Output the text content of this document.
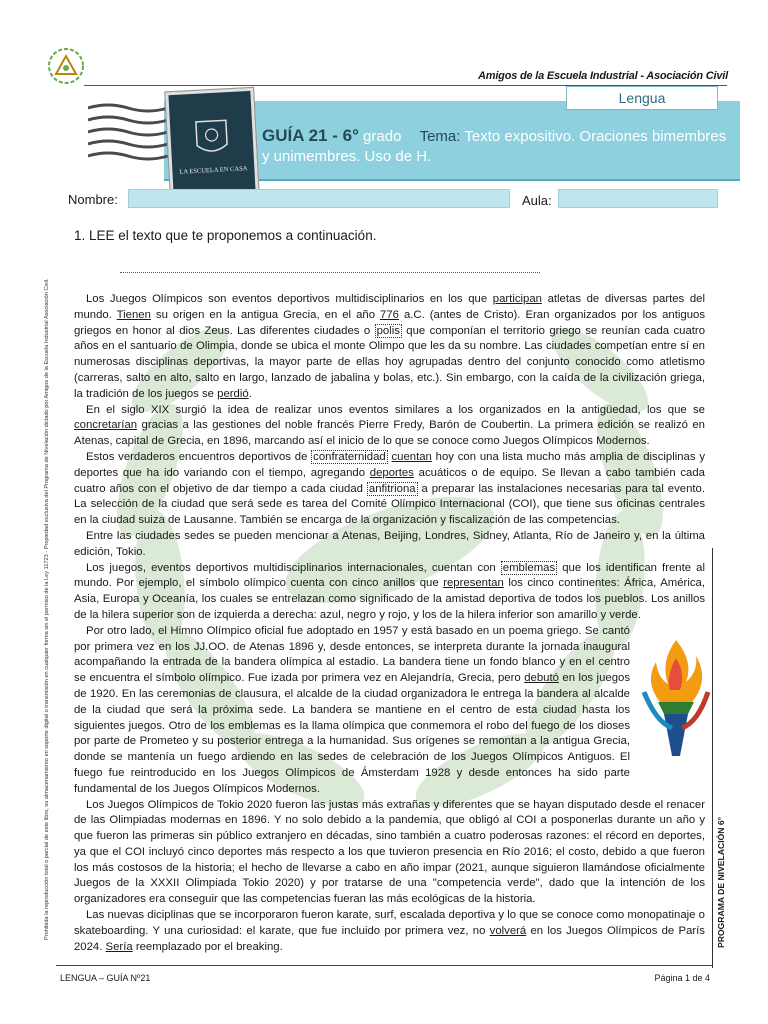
Amigos de la Escuela Industrial - Asociación Civil
Lengua
LA ESCUELA EN CASA
GUÍA 21 - 6° grado Tema: Texto expositivo. Oraciones bimembres y unimembres. Uso de H.
Prohibida la reproducción total o parcial de este libro, su almacenamiento en soporte digital o transmisión en cualquier forma sin el permiso de la Ley 11723 - Propiedad exclusiva del Programa de Nivelación dictado por Amigos de la Escuela Industrial Asociación Civil.
Nombre:	Aula:
1. LEE el texto que te proponemos a continuación.

Los Juegos Olímpicos son eventos deportivos multidisciplinarios en los que participan atletas de diversas partes del mundo. Tienen su origen en la antigua Grecia, en el año 776 a.C. (antes de Cristo). Eran organizados por los antiguos griegos en honor al dios Zeus. Las diferentes ciudades o polis que componían el territorio griego se reunían cada cuatro años en el santuario de Olimpia, donde se ubica el monte Olimpo que les da su nombre. Las ciudades competían entre sí en numerosas disciplinas deportivas, la mayor parte de ellas hoy agrupadas dentro del conjunto conocido como atletismo (carreras, salto en alto, salto en largo, lanzado de jabalina y bolas, etc.). Sin embargo, con la caída de la civilización griega, la tradición de los juegos se perdió.

En el siglo XIX surgió la idea de realizar unos eventos similares a los organizados en la antigüedad, los que se concretarían gracias a las gestiones del noble francés Pierre Fredy, Barón de Coubertin. La primera edición se realizó en Atenas, capital de Grecia, en 1896, marcando así el inicio de lo que se conoce como Juegos Olímpicos Modernos.

Estos verdaderos encuentros deportivos de confraternidad cuentan hoy con una lista mucho más amplia de disciplinas y deportes que ha ido variando con el tiempo, agregando deportes acuáticos o de equipo. Se llevan a cabo también cada cuatro años con el objetivo de dar tiempo a cada ciudad anfitriona a preparar las instalaciones necesarias para tal evento. La selección de la ciudad que será sede es tarea del Comité Olímpico Internacional (COI), que tiene sus oficinas centrales en la ciudad suiza de Lausanne. También se encarga de la organización y fiscalización de las competencias.

Entre las ciudades sedes se pueden mencionar a Atenas, Beijing, Londres, Sidney, Atlanta, Río de Janeiro y, en la última edición, Tokio.

Los juegos, eventos deportivos multidisciplinarios internacionales, cuentan con emblemas que los identifican frente al mundo. Por ejemplo, el símbolo olímpico cuenta con cinco anillos que representan los cinco continentes: África, América, Asia, Europa y Oceanía, los cuales se entrelazan como significado de la amistad deportiva de todos los pueblos. Los anillos de la hilera superior son de izquierda a derecha: azul, negro y rojo, y los de la hilera inferior son amarillo y verde.

Por otro lado, el Himno Olímpico oficial fue adoptado en 1957 y está basado en un poema griego. Se cantó por primera vez en los JJ.OO. de Atenas 1896 y, desde entonces, se interpreta durante la jornada inaugural acompañando la entrada de la bandera olímpica al estadio. La bandera tiene un fondo blanco y en el centro se encuentra el símbolo olímpico. Fue izada por primera vez en Alejandría, Grecia, pero debutó en los juegos de 1920. En las ceremonias de clausura, el alcalde de la ciudad organizadora le entrega la bandera al alcalde de la ciudad que será la próxima sede. La bandera se mantiene en el centro de esta ciudad hasta los siguientes juegos. Otro de los emblemas es la llama olímpica que conmemora el robo del fuego de los dioses por parte de Prometeo y su posterior entrega a la humanidad. Sus orígenes se remontan a la antigua Grecia, donde se mantenía un fuego ardiendo en las sedes de celebración de los Juegos Olímpicos Antiguos. El fuego fue reintroducido en los Juegos Olímpicos de Ámsterdam 1928 y desde entonces ha sido parte fundamental de los Juegos Olímpicos Modernos.

Los Juegos Olímpicos de Tokio 2020 fueron las justas más extrañas y diferentes que se hayan disputado desde el renacer de las Olimpiadas modernas en 1896. Y no solo debido a la pandemia, que obligó al COI a posponerlas durante un año y que fueron las primeras sin público extranjero en décadas, sino también a cuatro poderosas razones: el récord en deportes, ya que el COI incluyó cinco deportes más respecto a los que tuvieron presencia en Río 2016; el costo, debido a que fueron los más costosos de la historia; el hecho de llevarse a cabo en año impar (2021, aunque siguieron llamándose oficialmente Juegos de la XXXII Olimpiada Tokio 2020) y por tratarse de una "competencia verde", dado que la intención de los organizadores era conseguir que las competencias fueran las más ecológicas de la historia.

Las nuevas diciplinas que se incorporaron fueron karate, surf, escalada deportiva y lo que se conoce como monopatinaje o skateboarding. Y una curiosidad: el karate, que fue incluido por primera vez, no volverá en los Juegos Olímpicos de París 2024. Sería reemplazado por el breaking.	PROGRAMA DE NIVELACIÓN 6°
LENGUA – GUÍA Nº21	Página 1 de 4
